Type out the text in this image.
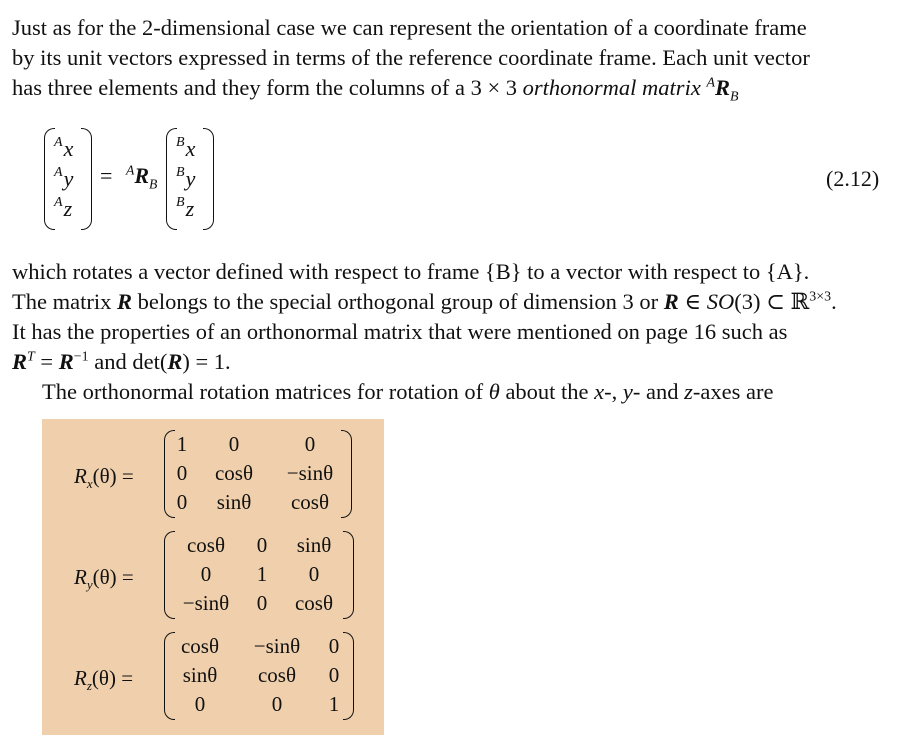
Just as for the 2-dimensional case we can represent the orientation of a coordinate frame
by its unit vectors expressed in terms of the reference coordinate frame. Each unit vector
has three elements and they form the columns of a 3 × 3 orthonormal matrix $^AR_B$
$^A$x
$^A$y
$^A$z
= $^AR_B$
$^B$x
$^B$y
$^B$z
(2.12)
which rotates a vector defined with respect to frame {B} to a vector with respect to {A}.
The matrix R belongs to the special orthogonal group of dimension 3 or R ∈ SO(3) ⊂ ℝ$^{3\times 3}$.
It has the properties of an orthonormal matrix that were mentioned on page 16 such as
$R^T = R^{-1}$ and det(R) = 1.
The orthonormal rotation matrices for rotation of θ about the x-, y- and z-axes are
$R_x(\theta)$ =
1	0	0
0	cosθ	−sinθ
0	sinθ	cosθ
$R_y(\theta)$ =
cosθ	0	sinθ
0	1	0
−sinθ	0	cosθ
$R_z(\theta)$ =
cosθ	−sinθ	0
sinθ	cosθ	0
0	0	1
